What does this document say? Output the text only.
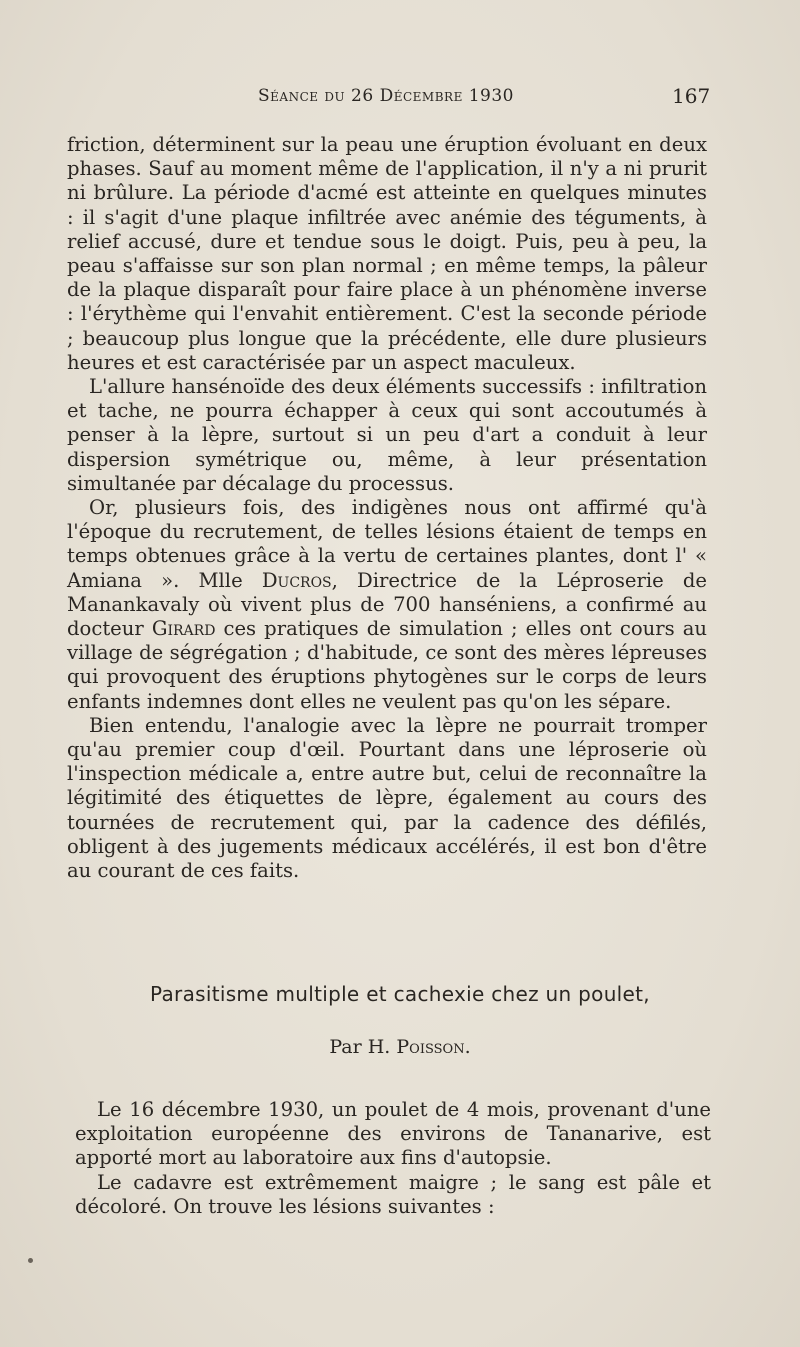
Séance du 26 Décembre 1930	167

friction, déterminent sur la peau une éruption évoluant en deux phases. Sauf au moment même de l'application, il n'y a ni prurit ni brûlure. La période d'acmé est atteinte en quelques minutes : il s'agit d'une plaque infiltrée avec anémie des téguments, à relief accusé, dure et tendue sous le doigt. Puis, peu à peu, la peau s'affaisse sur son plan normal ; en même temps, la pâleur de la plaque disparaît pour faire place à un phénomène inverse : l'érythème qui l'envahit entièrement. C'est la seconde période ; beaucoup plus longue que la précédente, elle dure plusieurs heures et est caractérisée par un aspect maculeux.

L'allure hansénoïde des deux éléments successifs : infiltration et tache, ne pourra échapper à ceux qui sont accoutumés à penser à la lèpre, surtout si un peu d'art a conduit à leur dispersion symétrique ou, même, à leur présentation simultanée par décalage du processus.

Or, plusieurs fois, des indigènes nous ont affirmé qu'à l'époque du recrutement, de telles lésions étaient de temps en temps obtenues grâce à la vertu de certaines plantes, dont l' « Amiana ». Mlle Ducros, Directrice de la Léproserie de Manankavaly où vivent plus de 700 hanséniens, a confirmé au docteur Girard ces pratiques de simulation ; elles ont cours au village de ségrégation ; d'habitude, ce sont des mères lépreuses qui provoquent des éruptions phytogènes sur le corps de leurs enfants indemnes dont elles ne veulent pas qu'on les sépare.

Bien entendu, l'analogie avec la lèpre ne pourrait tromper qu'au premier coup d'œil. Pourtant dans une léproserie où l'inspection médicale a, entre autre but, celui de reconnaître la légitimité des étiquettes de lèpre, également au cours des tournées de recrutement qui, par la cadence des défilés, obligent à des jugements médicaux accélérés, il est bon d'être au courant de ces faits.

Parasitisme multiple et cachexie chez un poulet,
Par H. Poisson.

Le 16 décembre 1930, un poulet de 4 mois, provenant d'une exploitation européenne des environs de Tananarive, est apporté mort au laboratoire aux fins d'autopsie.

Le cadavre est extrêmement maigre ; le sang est pâle et décoloré. On trouve les lésions suivantes :
